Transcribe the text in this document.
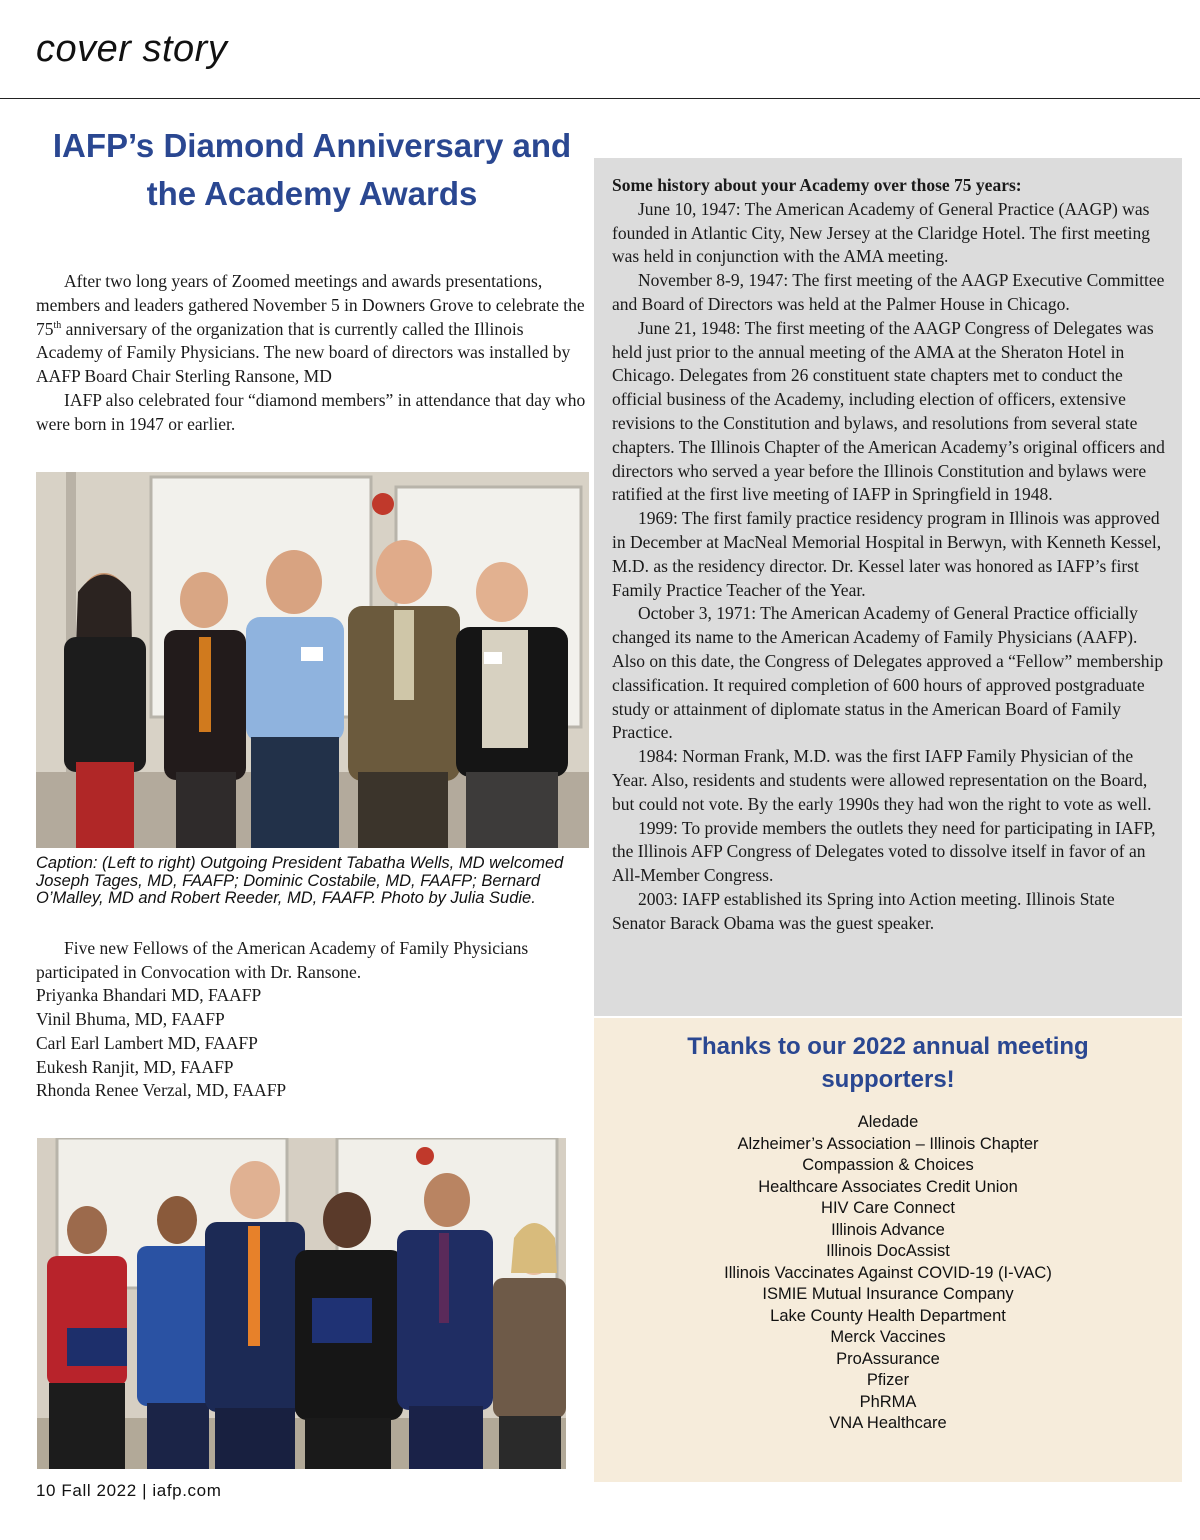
cover story
IAFP’s Diamond Anniversary and
the Academy Awards

After two long years of Zoomed meetings and awards presentations, members and leaders gathered November 5 in Downers Grove to celebrate the 75th anniversary of the organization that is currently called the Illinois Academy of Family Physicians. The new board of directors was installed by AAFP Board Chair Sterling Ransone, MD

IAFP also celebrated four “diamond members” in attendance that day who were born in 1947 or earlier.

Caption: (Left to right) Outgoing President Tabatha Wells, MD welcomed Joseph Tages, MD, FAAFP; Dominic Costabile, MD, FAAFP; Bernard O’Malley, MD and Robert Reeder, MD, FAAFP. Photo by Julia Sudie.

Five new Fellows of the American Academy of Family Physicians participated in Convocation with Dr. Ransone.

Priyanka Bhandari MD, FAAFP
Vinil Bhuma, MD, FAAFP
Carl Earl Lambert MD, FAAFP
Eukesh Ranjit, MD, FAAFP
Rhonda Renee Verzal, MD, FAAFP
Some history about your Academy over those 75 years:

June 10, 1947: The American Academy of General Practice (AAGP) was founded in Atlantic City, New Jersey at the Claridge Hotel. The first meeting was held in conjunction with the AMA meeting.

November 8-9, 1947: The first meeting of the AAGP Executive Committee and Board of Directors was held at the Palmer House in Chicago.

June 21, 1948: The first meeting of the AAGP Congress of Delegates was held just prior to the annual meeting of the AMA at the Sheraton Hotel in Chicago. Delegates from 26 constituent state chapters met to conduct the official business of the Academy, including election of officers, extensive revisions to the Constitution and bylaws, and resolutions from several state chapters. The Illinois Chapter of the American Academy’s original officers and directors who served a year before the Illinois Constitution and bylaws were ratified at the first live meeting of IAFP in Springfield in 1948.

1969: The first family practice residency program in Illinois was approved in December at MacNeal Memorial Hospital in Berwyn, with Kenneth Kessel, M.D. as the residency director. Dr. Kessel later was honored as IAFP’s first Family Practice Teacher of the Year.

October 3, 1971: The American Academy of General Practice officially changed its name to the American Academy of Family Physicians (AAFP). Also on this date, the Congress of Delegates approved a “Fellow” membership classification. It required completion of 600 hours of approved postgraduate study or attainment of diplomate status in the American Board of Family Practice.

1984: Norman Frank, M.D. was the first IAFP Family Physician of the Year. Also, residents and students were allowed representation on the Board, but could not vote. By the early 1990s they had won the right to vote as well.

1999: To provide members the outlets they need for participating in IAFP, the Illinois AFP Congress of Delegates voted to dissolve itself in favor of an All-Member Congress.

2003: IAFP established its Spring into Action meeting. Illinois State Senator Barack Obama was the guest speaker.

Thanks to our 2022 annual meeting
supporters!
Aledade
Alzheimer’s Association – Illinois Chapter
Compassion & Choices
Healthcare Associates Credit Union
HIV Care Connect
Illinois Advance
Illinois DocAssist
Illinois Vaccinates Against COVID-19 (I-VAC)
ISMIE Mutual Insurance Company
Lake County Health Department
Merck Vaccines
ProAssurance
Pfizer
PhRMA
VNA Healthcare
10 Fall 2022 | iafp.com
